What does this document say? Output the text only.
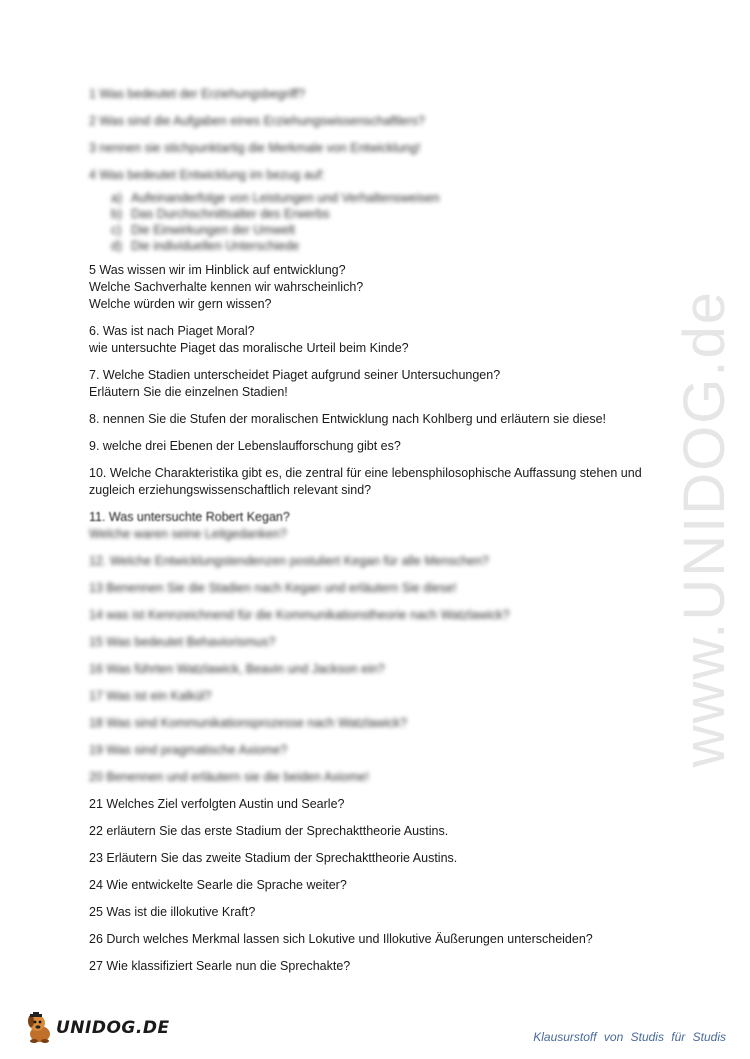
www.UNIDOG.de

1 Was bedeutet der Erziehungsbegriff?

2 Was sind die Aufgaben eines Erziehungswissenschaftlers?

3 nennen sie stichpunktartig die Merkmale von Entwicklung!

4 Was bedeutet Entwicklung im bezug auf:

a) Aufeinanderfolge von Leistungen und Verhaltensweisen
b) Das Durchschnittsalter des Erwerbs
c) Die Einwirkungen der Umwelt
d) Die individuellen Unterschiede

5 Was wissen wir im Hinblick auf entwicklung?
Welche Sachverhalte kennen wir wahrscheinlich?
Welche würden wir gern wissen?

6. Was ist nach Piaget Moral?
wie untersuchte Piaget das moralische Urteil beim Kinde?

7. Welche Stadien unterscheidet Piaget aufgrund seiner Untersuchungen?
Erläutern Sie die einzelnen Stadien!

8. nennen Sie die Stufen der moralischen Entwicklung nach Kohlberg und erläutern sie diese!

9. welche drei Ebenen der Lebenslaufforschung gibt es?

10. Welche Charakteristika gibt es, die zentral für eine lebensphilosophische Auffassung stehen und
zugleich erziehungswissenschaftlich relevant sind?

11. Was untersuchte Robert Kegan?
Welche waren seine Leitgedanken?

12. Welche Entwicklungstendenzen postuliert Kegan für alle Menschen?

13 Benennen Sie die Stadien nach Kegan und erläutern Sie diese!

14 was ist Kennzeichnend für die Kommunikationstheorie nach Watzlawick?

15 Was bedeutet Behaviorismus?

16 Was führten Watzlawick, Beavin und Jackson ein?

17 Was ist ein Kalkül?

18 Was sind Kommunikationsprozesse nach Watzlawick?

19 Was sind pragmatische Axiome?

20 Benennen und erläutern sie die beiden Axiome!

21 Welches Ziel verfolgten Austin und Searle?

22 erläutern Sie das erste Stadium der Sprechakttheorie Austins.

23 Erläutern Sie das zweite Stadium der Sprechakttheorie Austins.

24 Wie entwickelte Searle die Sprache weiter?

25 Was ist die illokutive Kraft?

26 Durch welches Merkmal lassen sich Lokutive und Illokutive Äußerungen unterscheiden?

27 Wie klassifiziert Searle nun die Sprechakte?

UNIDOG.DE	Klausurstoff von Studis für Studis
